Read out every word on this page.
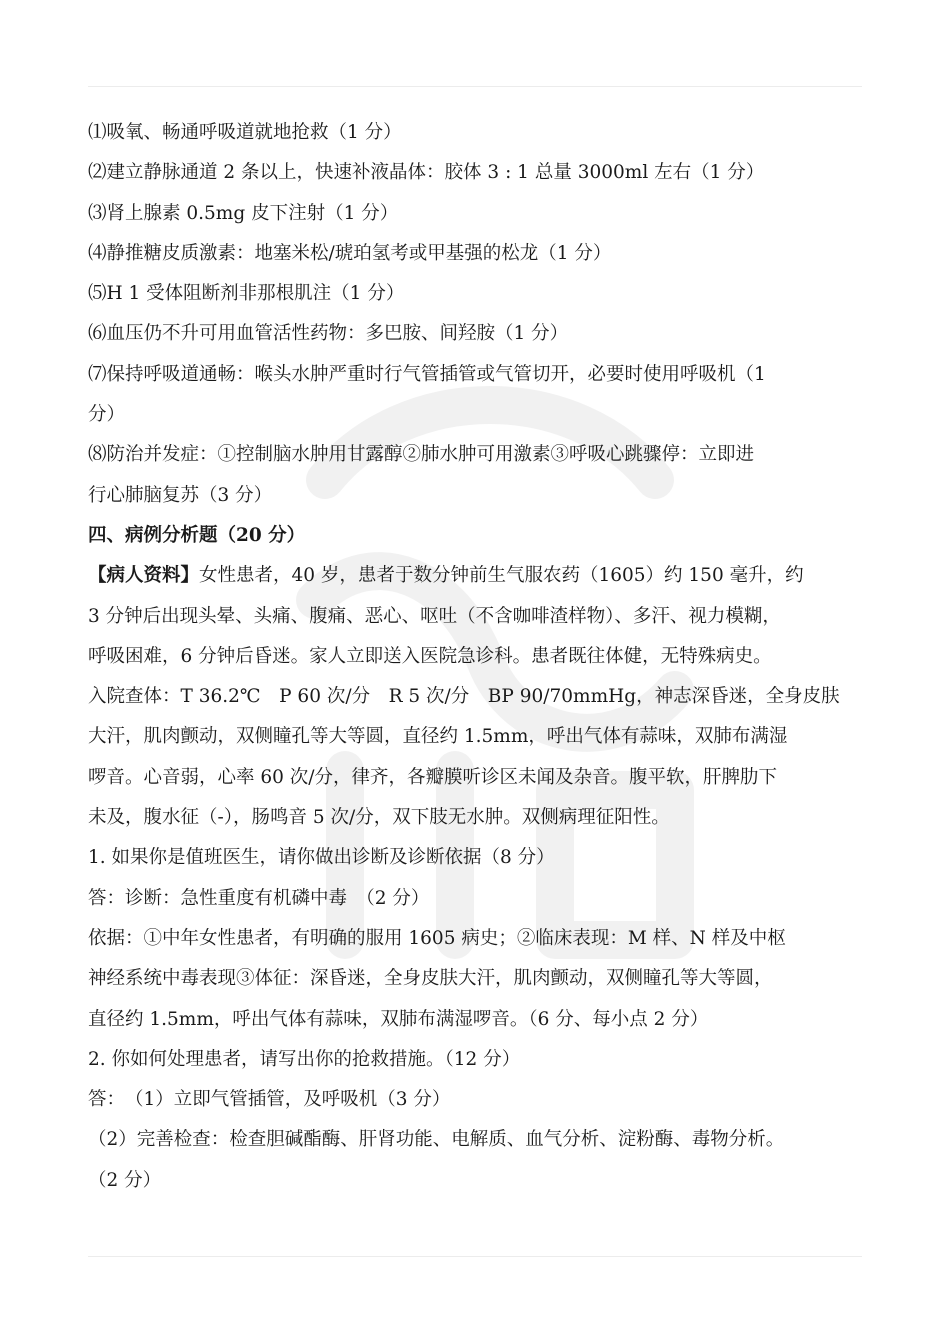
⑴吸氧、畅通呼吸道就地抢救（1 分）
⑵建立静脉通道 2 条以上，快速补液晶体：胶体 3 : 1 总量 3000ml 左右（1 分）
⑶肾上腺素 0.5mg 皮下注射（1 分）
⑷静推糖皮质激素：地塞米松/琥珀氢考或甲基强的松龙（1 分）
⑸H 1 受体阻断剂非那根肌注（1 分）
⑹血压仍不升可用血管活性药物：多巴胺、间羟胺（1 分）
⑺保持呼吸道通畅：喉头水肿严重时行气管插管或气管切开，必要时使用呼吸机（1
分）
⑻防治并发症：①控制脑水肿用甘露醇②肺水肿可用激素③呼吸心跳骤停：立即进
行心肺脑复苏（3 分）
四、病例分析题（20 分）
【病人资料】女性患者，40 岁，患者于数分钟前生气服农药（1605）约 150 毫升，约
3 分钟后出现头晕、头痛、腹痛、恶心、呕吐（不含咖啡渣样物）、多汗、视力模糊，
呼吸困难，6 分钟后昏迷。家人立即送入医院急诊科。患者既往体健，无特殊病史。
入院查体：T 36.2℃　P 60 次/分　R 5 次/分　BP 90/70mmHg，神志深昏迷，全身皮肤
大汗，肌肉颤动，双侧瞳孔等大等圆，直径约 1.5mm，呼出气体有蒜味，双肺布满湿
啰音。心音弱，心率 60 次/分，律齐，各瓣膜听诊区未闻及杂音。腹平软，肝脾肋下
未及，腹水征（-），肠鸣音 5 次/分，双下肢无水肿。双侧病理征阳性。
1. 如果你是值班医生，请你做出诊断及诊断依据（8 分）
答：诊断：急性重度有机磷中毒　（2 分）
依据：①中年女性患者，有明确的服用 1605 病史；②临床表现：M 样、N 样及中枢
神经系统中毒表现③体征：深昏迷，全身皮肤大汗，肌肉颤动，双侧瞳孔等大等圆，
直径约 1.5mm，呼出气体有蒜味，双肺布满湿啰音。（6 分、每小点 2 分）
2. 你如何处理患者，请写出你的抢救措施。（12 分）
答：　（1）立即气管插管，及呼吸机（3 分）
（2）完善检查：检查胆碱酯酶、肝肾功能、电解质、血气分析、淀粉酶、毒物分析。
（2 分）
